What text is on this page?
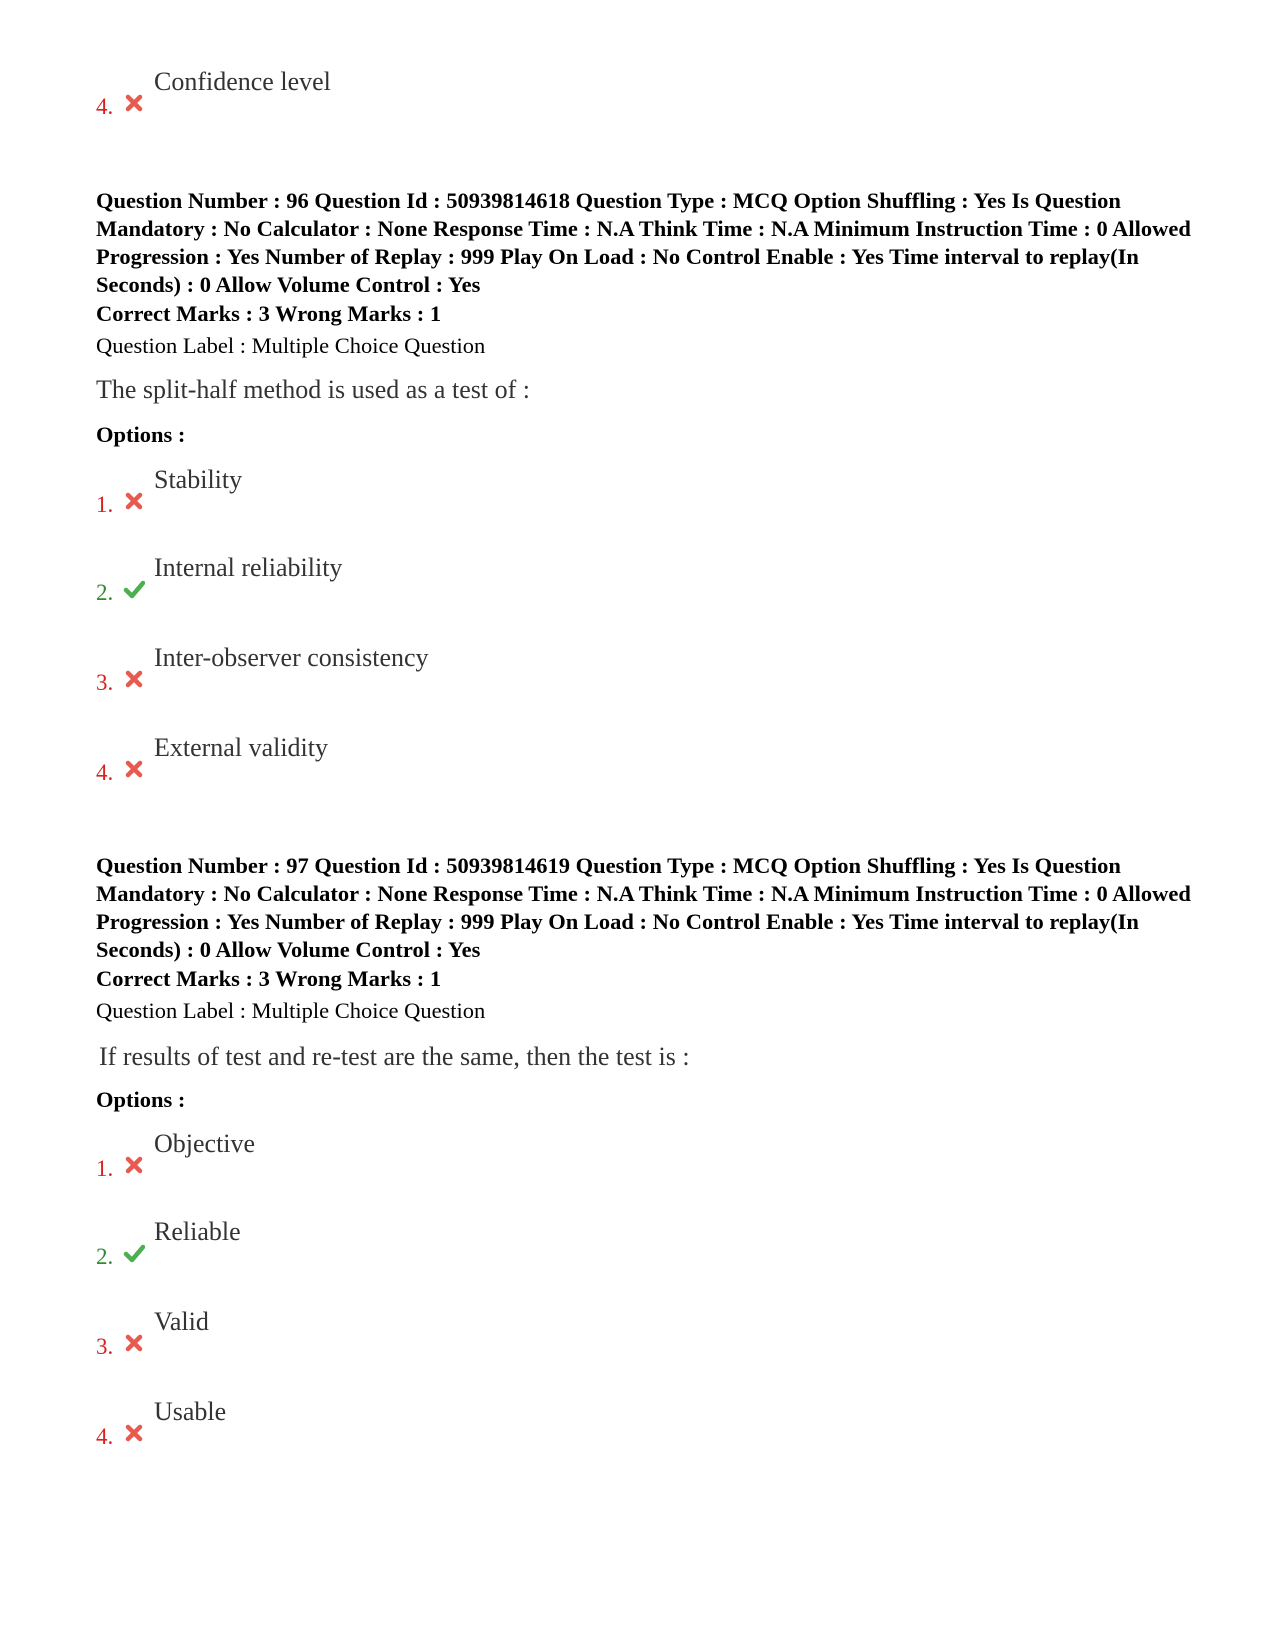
4.
Confidence level

Question Number : 96 Question Id : 50939814618 Question Type : MCQ Option Shuffling : Yes Is Question Mandatory : No Calculator : None Response Time : N.A Think Time : N.A Minimum Instruction Time : 0 Allowed Progression : Yes Number of Replay : 999 Play On Load : No Control Enable : Yes Time interval to replay(In Seconds) : 0 Allow Volume Control : Yes

Correct Marks : 3 Wrong Marks : 1
Question Label : Multiple Choice Question
The split-half method is used as a test of :
Options :
1.
Stability
2.
Internal reliability
3.
Inter-observer consistency
4.
External validity

Question Number : 97 Question Id : 50939814619 Question Type : MCQ Option Shuffling : Yes Is Question Mandatory : No Calculator : None Response Time : N.A Think Time : N.A Minimum Instruction Time : 0 Allowed Progression : Yes Number of Replay : 999 Play On Load : No Control Enable : Yes Time interval to replay(In Seconds) : 0 Allow Volume Control : Yes

Correct Marks : 3 Wrong Marks : 1
Question Label : Multiple Choice Question
If results of test and re-test are the same, then the test is :
Options :
1.
Objective
2.
Reliable
3.
Valid
4.
Usable
